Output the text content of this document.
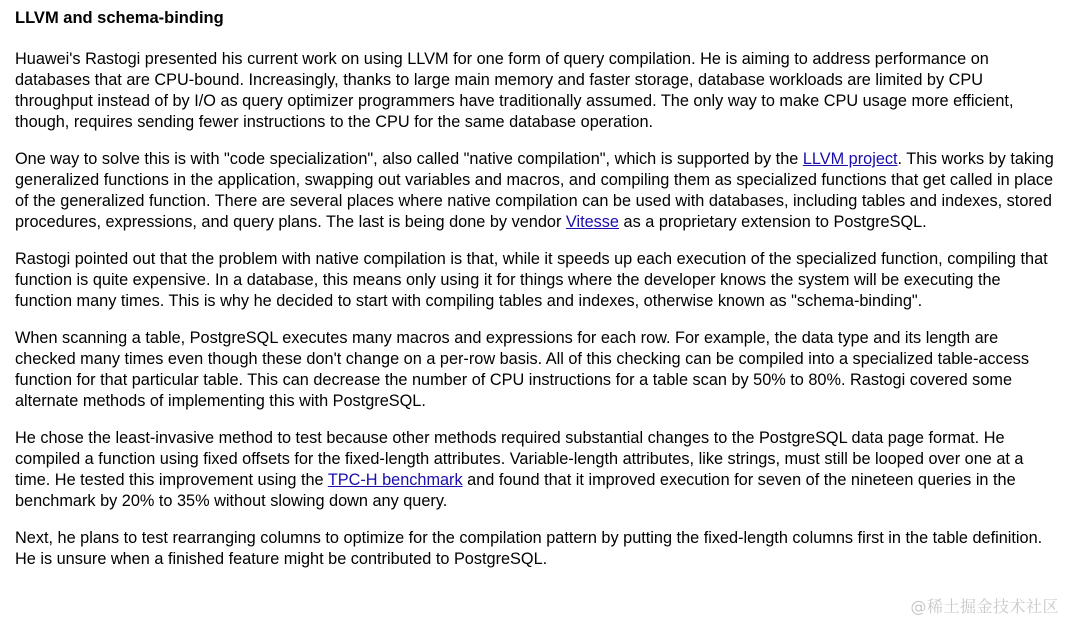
LLVM and schema-binding

Huawei's Rastogi presented his current work on using LLVM for one form of query compilation. He is aiming to address performance on databases that are CPU-bound. Increasingly, thanks to large main memory and faster storage, database workloads are limited by CPU throughput instead of by I/O as query optimizer programmers have traditionally assumed. The only way to make CPU usage more efficient, though, requires sending fewer instructions to the CPU for the same database operation.

One way to solve this is with "code specialization", also called "native compilation", which is supported by the LLVM project. This works by taking generalized functions in the application, swapping out variables and macros, and compiling them as specialized functions that get called in place of the generalized function. There are several places where native compilation can be used with databases, including tables and indexes, stored procedures, expressions, and query plans. The last is being done by vendor Vitesse as a proprietary extension to PostgreSQL.

Rastogi pointed out that the problem with native compilation is that, while it speeds up each execution of the specialized function, compiling that function is quite expensive. In a database, this means only using it for things where the developer knows the system will be executing the function many times. This is why he decided to start with compiling tables and indexes, otherwise known as "schema-binding".

When scanning a table, PostgreSQL executes many macros and expressions for each row. For example, the data type and its length are checked many times even though these don't change on a per-row basis. All of this checking can be compiled into a specialized table-access function for that particular table. This can decrease the number of CPU instructions for a table scan by 50% to 80%. Rastogi covered some alternate methods of implementing this with PostgreSQL.

He chose the least-invasive method to test because other methods required substantial changes to the PostgreSQL data page format. He compiled a function using fixed offsets for the fixed-length attributes. Variable-length attributes, like strings, must still be looped over one at a time. He tested this improvement using the TPC-H benchmark and found that it improved execution for seven of the nineteen queries in the benchmark by 20% to 35% without slowing down any query.

Next, he plans to test rearranging columns to optimize for the compilation pattern by putting the fixed-length columns first in the table definition. He is unsure when a finished feature might be contributed to PostgreSQL.

@稀土掘金技术社区
